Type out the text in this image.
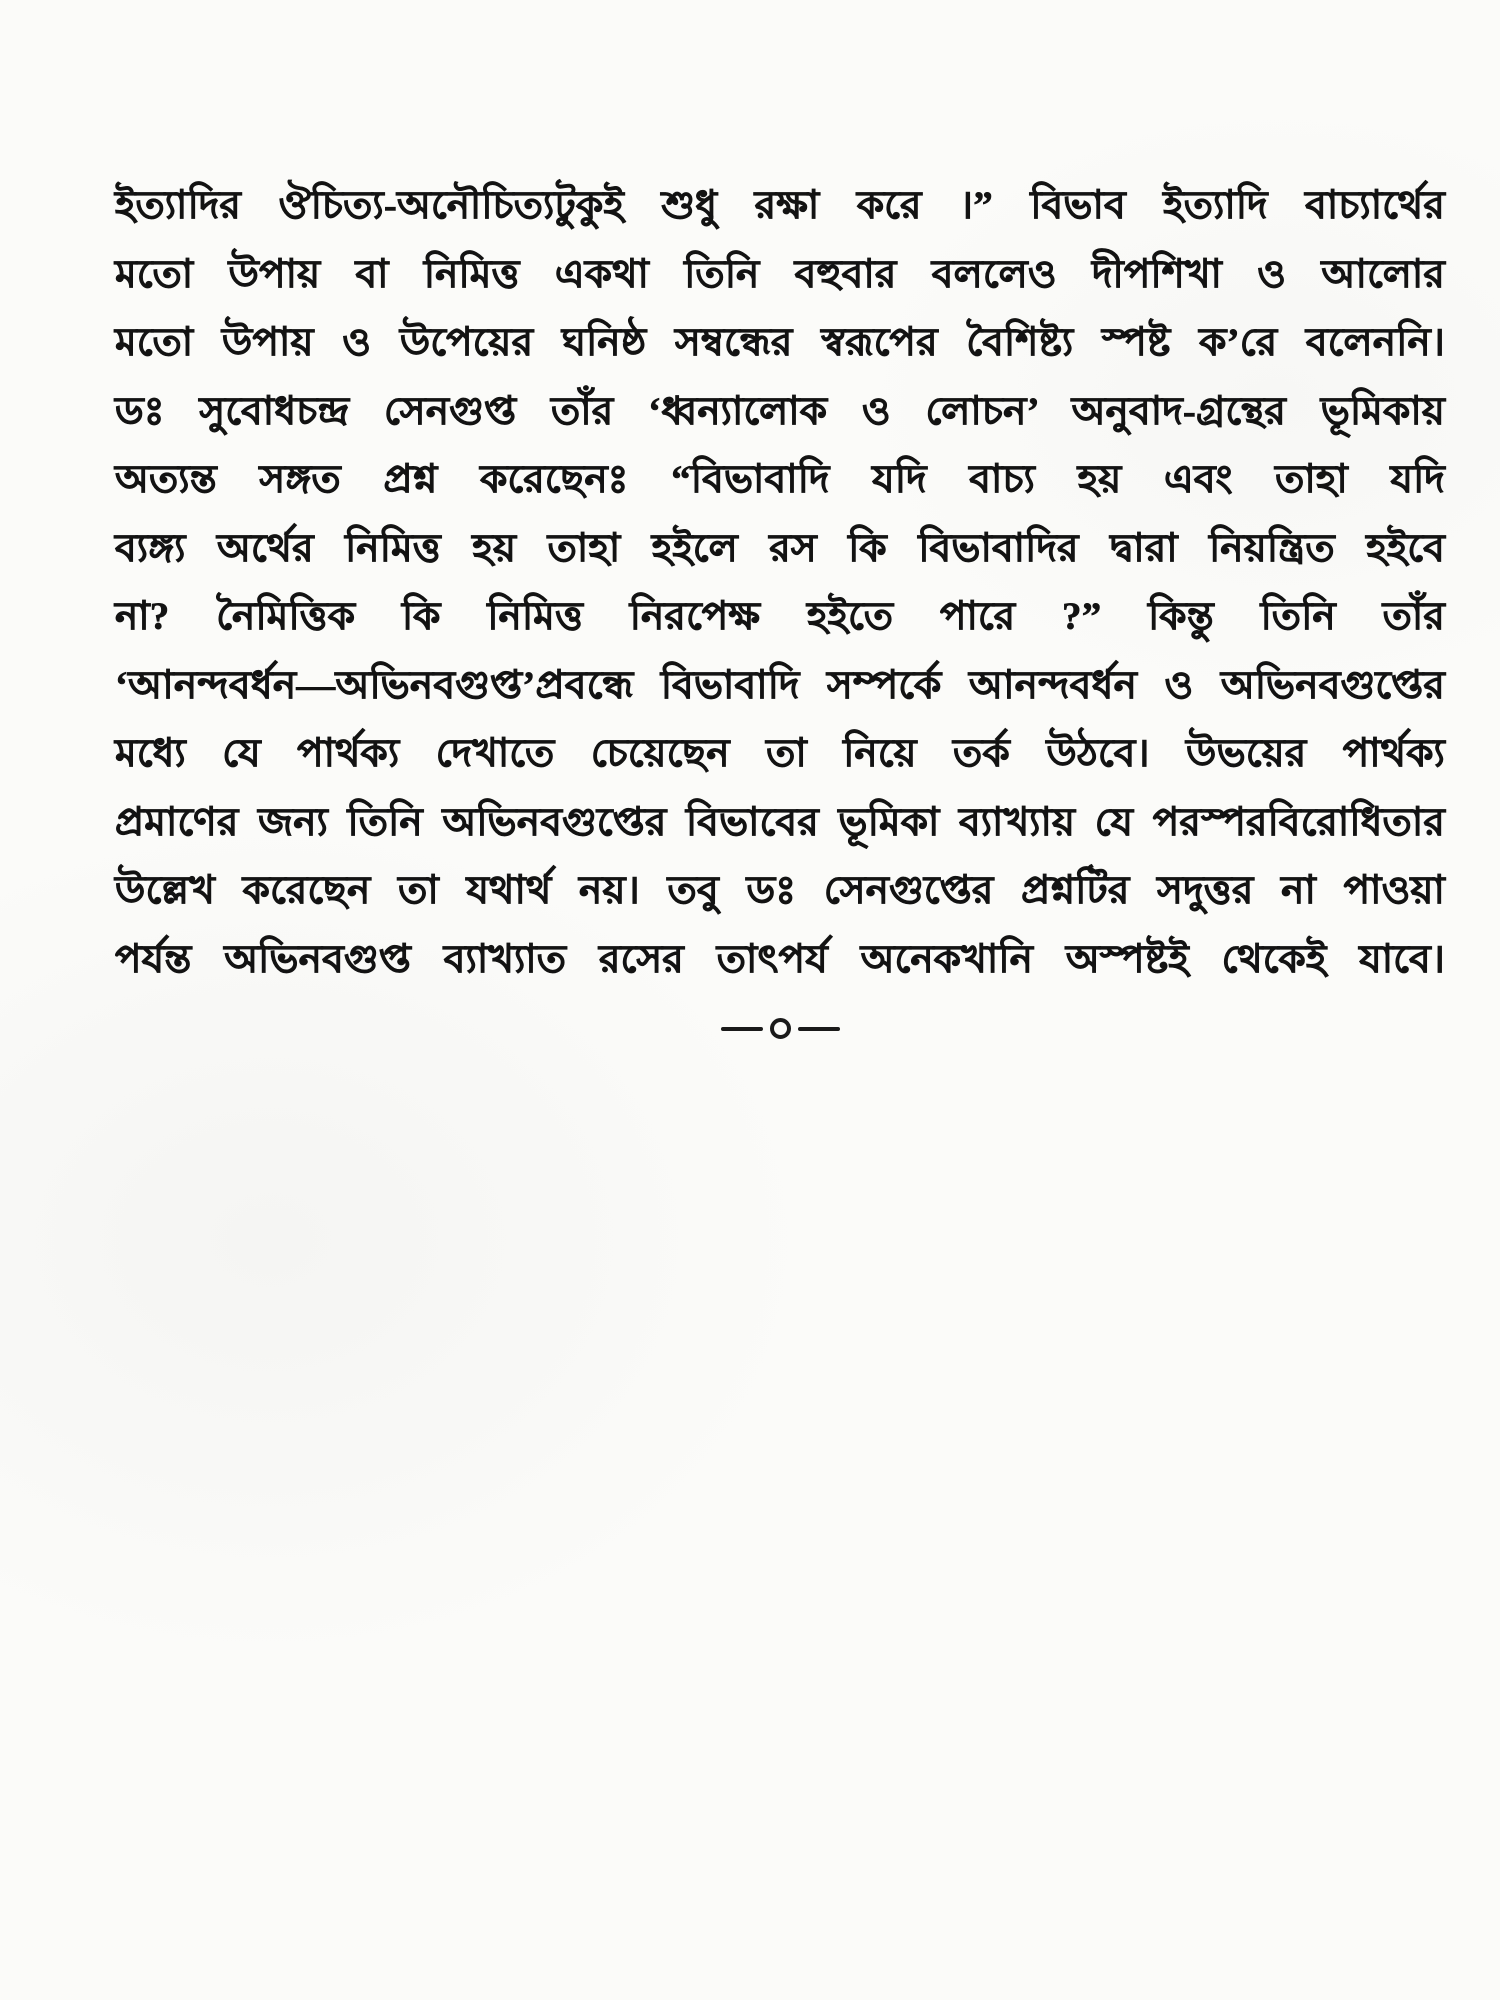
ইত্যাদির ঔচিত্য-অনৌচিত্যটুকুই শুধু রক্ষা করে ।” বিভাব ইত্যাদি বাচ্যার্থের
মতো উপায় বা নিমিত্ত একথা তিনি বহুবার বললেও দীপশিখা ও আলোর
মতো উপায় ও উপেয়ের ঘনিষ্ঠ সম্বন্ধের স্বরূপের বৈশিষ্ট্য স্পষ্ট ক’রে বলেননি।
ডঃ সুবোধচন্দ্র সেনগুপ্ত তাঁর ‘ধ্বন্যালোক ও লোচন’ অনুবাদ-গ্রন্থের ভূমিকায়
অত্যন্ত সঙ্গত প্রশ্ন করেছেনঃ “বিভাবাদি যদি বাচ্য হয় এবং তাহা যদি
ব্যঙ্গ্য অর্থের নিমিত্ত হয় তাহা হইলে রস কি বিভাবাদির দ্বারা নিয়ন্ত্রিত হইবে
না? নৈমিত্তিক কি নিমিত্ত নিরপেক্ষ হইতে পারে ?” কিন্তু তিনি তাঁর
‘আনন্দবর্ধন—অভিনবগুপ্ত’প্রবন্ধে বিভাবাদি সম্পর্কে আনন্দবর্ধন ও অভিনবগুপ্তের
মধ্যে যে পার্থক্য দেখাতে চেয়েছেন তা নিয়ে তর্ক উঠবে। উভয়ের পার্থক্য
প্রমাণের জন্য তিনি অভিনবগুপ্তের বিভাবের ভূমিকা ব্যাখ্যায় যে পরস্পরবিরোধিতার
উল্লেখ করেছেন তা যথার্থ নয়। তবু ডঃ সেনগুপ্তের প্রশ্নটির সদুত্তর না পাওয়া
পর্যন্ত অভিনবগুপ্ত ব্যাখ্যাত রসের তাৎপর্য অনেকখানি অস্পষ্টই থেকেই যাবে।
